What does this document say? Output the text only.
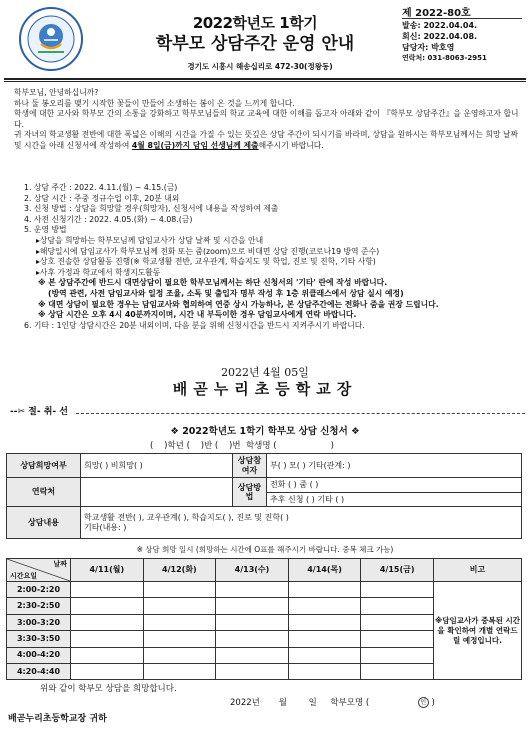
2022학년도 1학기
학부모 상담주간 운영 안내
경기도 시흥시 해송십리로 472-30(정왕동)
제 2022-80호
발송: 2022.04.04.
회신: 2022.04.08.
담당자: 박호영
연락처: 031-8063-2951

학부모님, 안녕하십니까?

하나 둘 봉오리를 맺기 시작한 꽃들이 만들어 소생하는 봄이 온 것을 느끼게 합니다.

학생에 대한 교사와 학부모 간의 소통을 강화하고 학부모님들의 학교 교육에 대한 이해를 돕고자 아래와 같이 『학부모 상담주간』을 운영하고자 합니다.

귀 자녀의 학교생활 전반에 대한 폭넓은 이해의 시간을 가질 수 있는 뜻깊은 상담 주간이 되시기를 바라며, 상담을 원하시는 학부모님께서는 희망 날짜 및 시간을 아래 신청서에 작성하여 4월 8일(금)까지 담임 선생님께 제출해주시기 바랍니다.

1. 상담 주간 : 2022. 4.11.(월) ~ 4.15.(금)
2. 상담 시간 : 주중 정규수업 이후, 20분 내외
3. 신청 방법 : 상담을 희망할 경우(희망자), 신청서에 내용을 작성하여 제출
4. 사전 신청기간 : 2022. 4.05.(화) ~ 4.08.(금)
5. 운영 방법
▸상담을 희망하는 학부모님께 담임교사가 상담 날짜 및 시간을 안내
▸해당일시에 담임교사가 학부모님께 전화 또는 줌(zoom)으로 비대면 상담 진행(코로나19 방역 준수)
▸상호 진솔한 상담활동 진행(※ 학교생활 전반, 교우관계, 학습지도 및 학업, 진로 및 진학, 기타 사항)
▸사후 가정과 학교에서 학생지도활동
※ 본 상담주간에 반드시 대면상담이 필요한 학부모님께서는 하단 신청서의 '기타' 란에 작성 바랍니다.
(방역 관련, 사전 담임교사와 일정 조율, 소독 및 출입자 명부 작성 후 1층 위클래스에서 상담 실시 예정)
※ 대면 상담이 필요한 경우는 담임교사와 협의하여 연중 상시 가능하나, 본 상담주간에는 전화나 줌을 권장 드립니다.
※ 상담 시간은 오후 4시 40분까지이며, 시간 내 부득이한 경우 담임교사에게 연락 바랍니다.
6. 기타 : 1인당 상담시간은 20분 내외이며, 다음 분을 위해 신청시간을 반드시 지켜주시기 바랍니다.
2022년 4월 05일
배곧누리초등학교장
--✂ 절- 취- 선
❖ 2022학년도 1학기 학부모 상담 신청서 ❖
(    )학년 (    )반 (    )번  학생명 (                    )
상담희망여부	희망( ) 비희망( )	상담참여자	부( ) 모( ) 기타(관계: )
연락처		상담방법	전화 ( ) 줌 ( )
			추후 신청 ( ) 기타 ( )
상담내용	학교생활 전반( ), 교우관계( ), 학습지도( ), 진로 및 진학( )
기타(내용: )		
※ 상담 희망 일시 (희망하는 시간에 O표를 해주시기 바랍니다. 중복 체크 가능)
날짜
시간요일	4/11(월)	4/12(화)	4/13(수)	4/14(목)	4/15(금)	비고
2:00-2:20						※담임교사가 중복된 시간을 확인하여 개별 연락드릴 예정입니다.
2:30-2:50						
3:00-3:20						
3:30-3:50						
4:00-4:20						
4:20-4:40						
위와 같이 학부모 상담을 희망합니다.
2022년       월        일 학부모명 (                  인 )
배곧누리초등학교장 귀하
